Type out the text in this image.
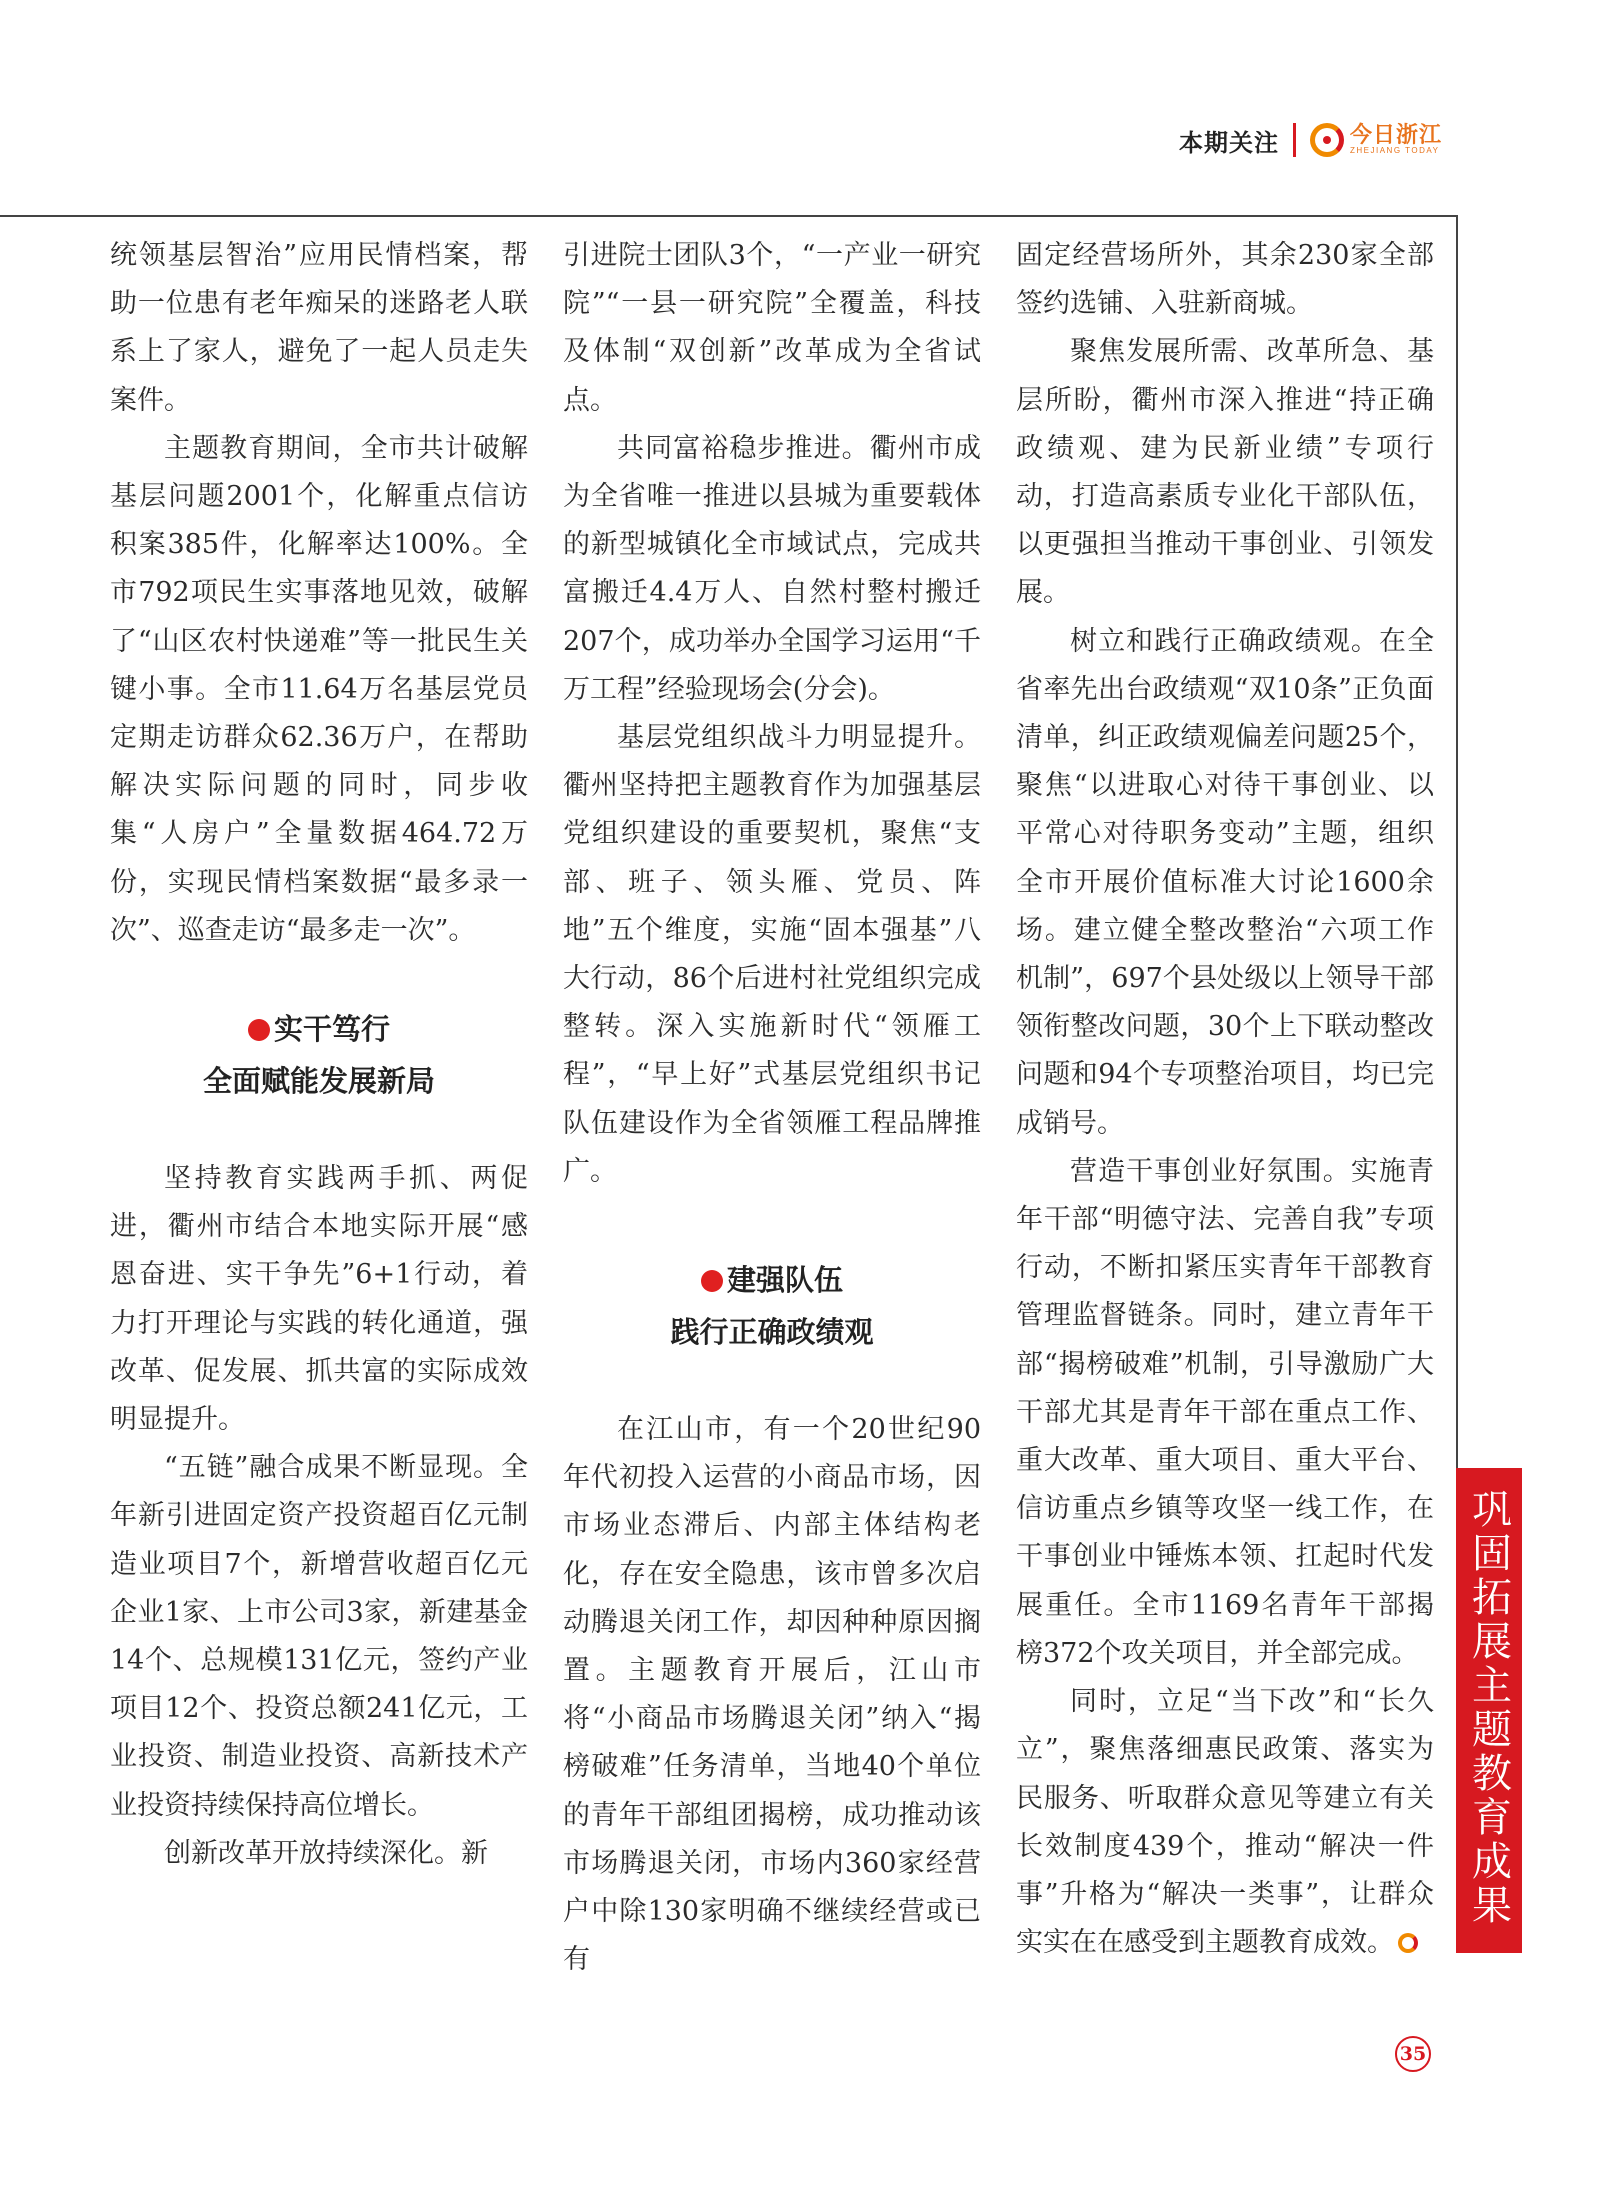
本期关注	今日浙江
ZHEJIANG TODAY

统领基层智治”应用民情档案，帮助一位患有老年痴呆的迷路老人联系上了家人，避免了一起人员走失案件。

主题教育期间，全市共计破解基层问题2001个，化解重点信访积案385件，化解率达100%。全市792项民生实事落地见效，破解了“山区农村快递难”等一批民生关键小事。全市11.64万名基层党员定期走访群众62.36万户，在帮助解决实际问题的同时，同步收集“人房户”全量数据464.72万份，实现民情档案数据“最多录一次”、巡查走访“最多走一次”。

实干笃行
全面赋能发展新局

坚持教育实践两手抓、两促进，衢州市结合本地实际开展“感恩奋进、实干争先”6+1行动，着力打开理论与实践的转化通道，强改革、促发展、抓共富的实际成效明显提升。

“五链”融合成果不断显现。全年新引进固定资产投资超百亿元制造业项目7个，新增营收超百亿元企业1家、上市公司3家，新建基金14个、总规模131亿元，签约产业项目12个、投资总额241亿元，工业投资、制造业投资、高新技术产业投资持续保持高位增长。

创新改革开放持续深化。新

引进院士团队3个，“一产业一研究院”“一县一研究院”全覆盖，科技及体制“双创新”改革成为全省试点。

共同富裕稳步推进。衢州市成为全省唯一推进以县城为重要载体的新型城镇化全市域试点，完成共富搬迁4.4万人、自然村整村搬迁207个，成功举办全国学习运用“千万工程”经验现场会(分会)。

基层党组织战斗力明显提升。衢州坚持把主题教育作为加强基层党组织建设的重要契机，聚焦“支部、班子、领头雁、党员、阵地”五个维度，实施“固本强基”八大行动，86个后进村社党组织完成整转。深入实施新时代“领雁工程”，“早上好”式基层党组织书记队伍建设作为全省领雁工程品牌推广。

建强队伍
践行正确政绩观

在江山市，有一个20世纪90年代初投入运营的小商品市场，因市场业态滞后、内部主体结构老化，存在安全隐患，该市曾多次启动腾退关闭工作，却因种种原因搁置。主题教育开展后，江山市将“小商品市场腾退关闭”纳入“揭榜破难”任务清单，当地40个单位的青年干部组团揭榜，成功推动该市场腾退关闭，市场内360家经营户中除130家明确不继续经营或已有

固定经营场所外，其余230家全部签约选铺、入驻新商城。

聚焦发展所需、改革所急、基层所盼，衢州市深入推进“持正确政绩观、建为民新业绩”专项行动，打造高素质专业化干部队伍，以更强担当推动干事创业、引领发展。

树立和践行正确政绩观。在全省率先出台政绩观“双10条”正负面清单，纠正政绩观偏差问题25个，聚焦“以进取心对待干事创业、以平常心对待职务变动”主题，组织全市开展价值标准大讨论1600余场。建立健全整改整治“六项工作机制”，697个县处级以上领导干部领衔整改问题，30个上下联动整改问题和94个专项整治项目，均已完成销号。

营造干事创业好氛围。实施青年干部“明德守法、完善自我”专项行动，不断扣紧压实青年干部教育管理监督链条。同时，建立青年干部“揭榜破难”机制，引导激励广大干部尤其是青年干部在重点工作、重大改革、重大项目、重大平台、信访重点乡镇等攻坚一线工作，在干事创业中锤炼本领、扛起时代发展重任。全市1169名青年干部揭榜372个攻关项目，并全部完成。

同时，立足“当下改”和“长久立”，聚焦落细惠民政策、落实为民服务、听取群众意见等建立有关长效制度439个，推动“解决一件事”升格为“解决一类事”，让群众实实在在感受到主题教育成效。

巩固拓展主题教育成果
35
